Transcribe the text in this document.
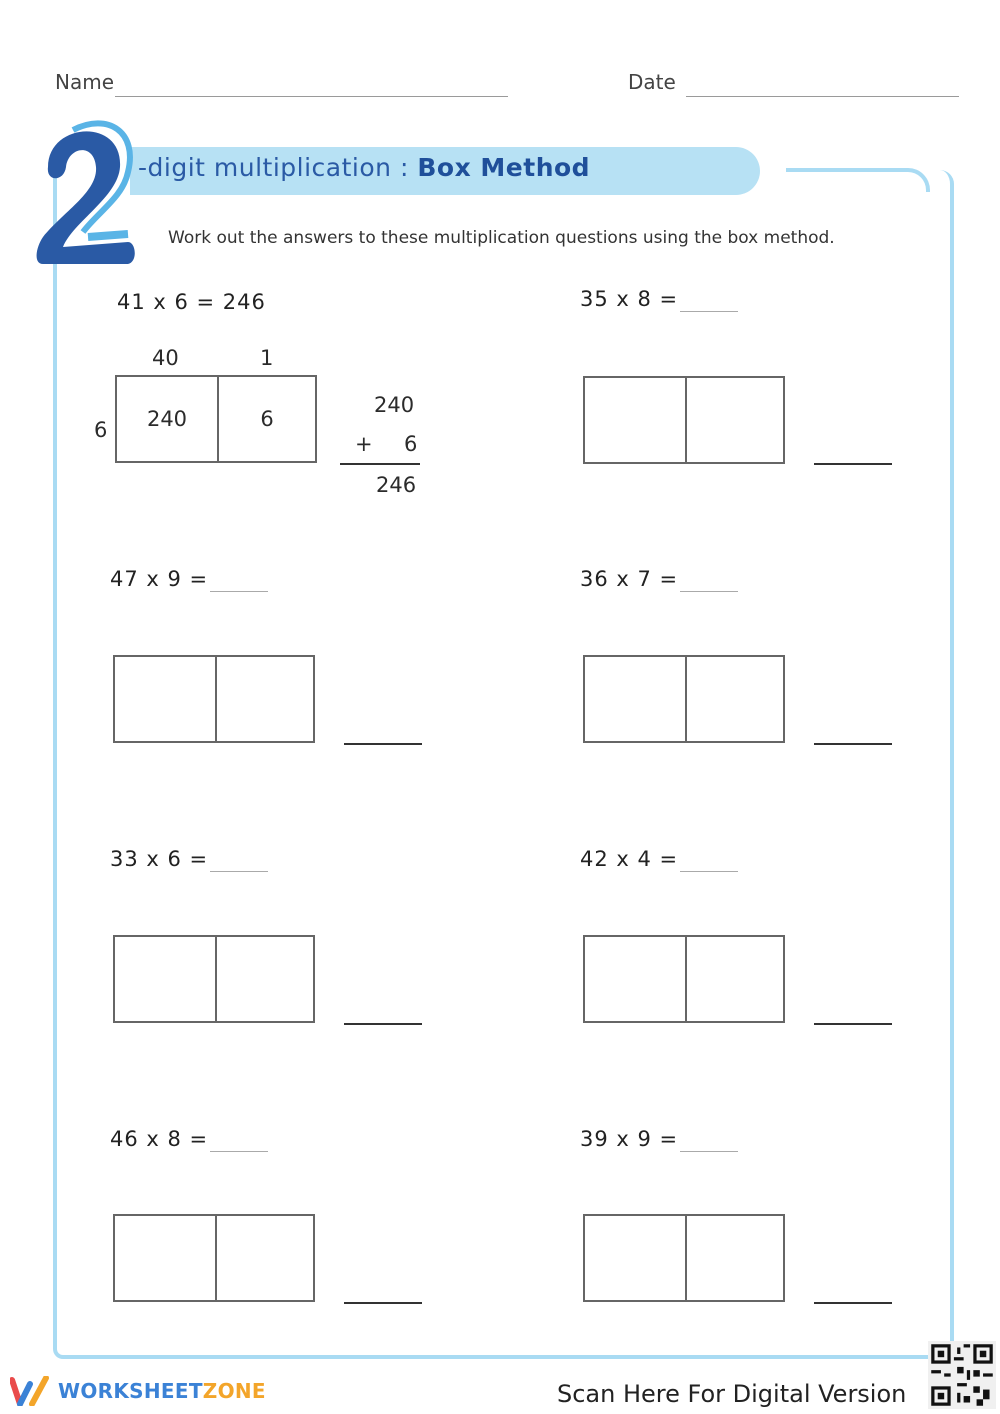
Name	Date
-digit multiplication : Box Method
Work out the answers to these multiplication questions using the box method.
41 x 6 = 246
40	1
6	240	6
240
+ 6
246
35 x 8 =
47 x 9 =	36 x 7 =
33 x 6 =	42 x 4 =
46 x 8 =	39 x 9 =
WORKSHEETZONE	Scan Here For Digital Version
